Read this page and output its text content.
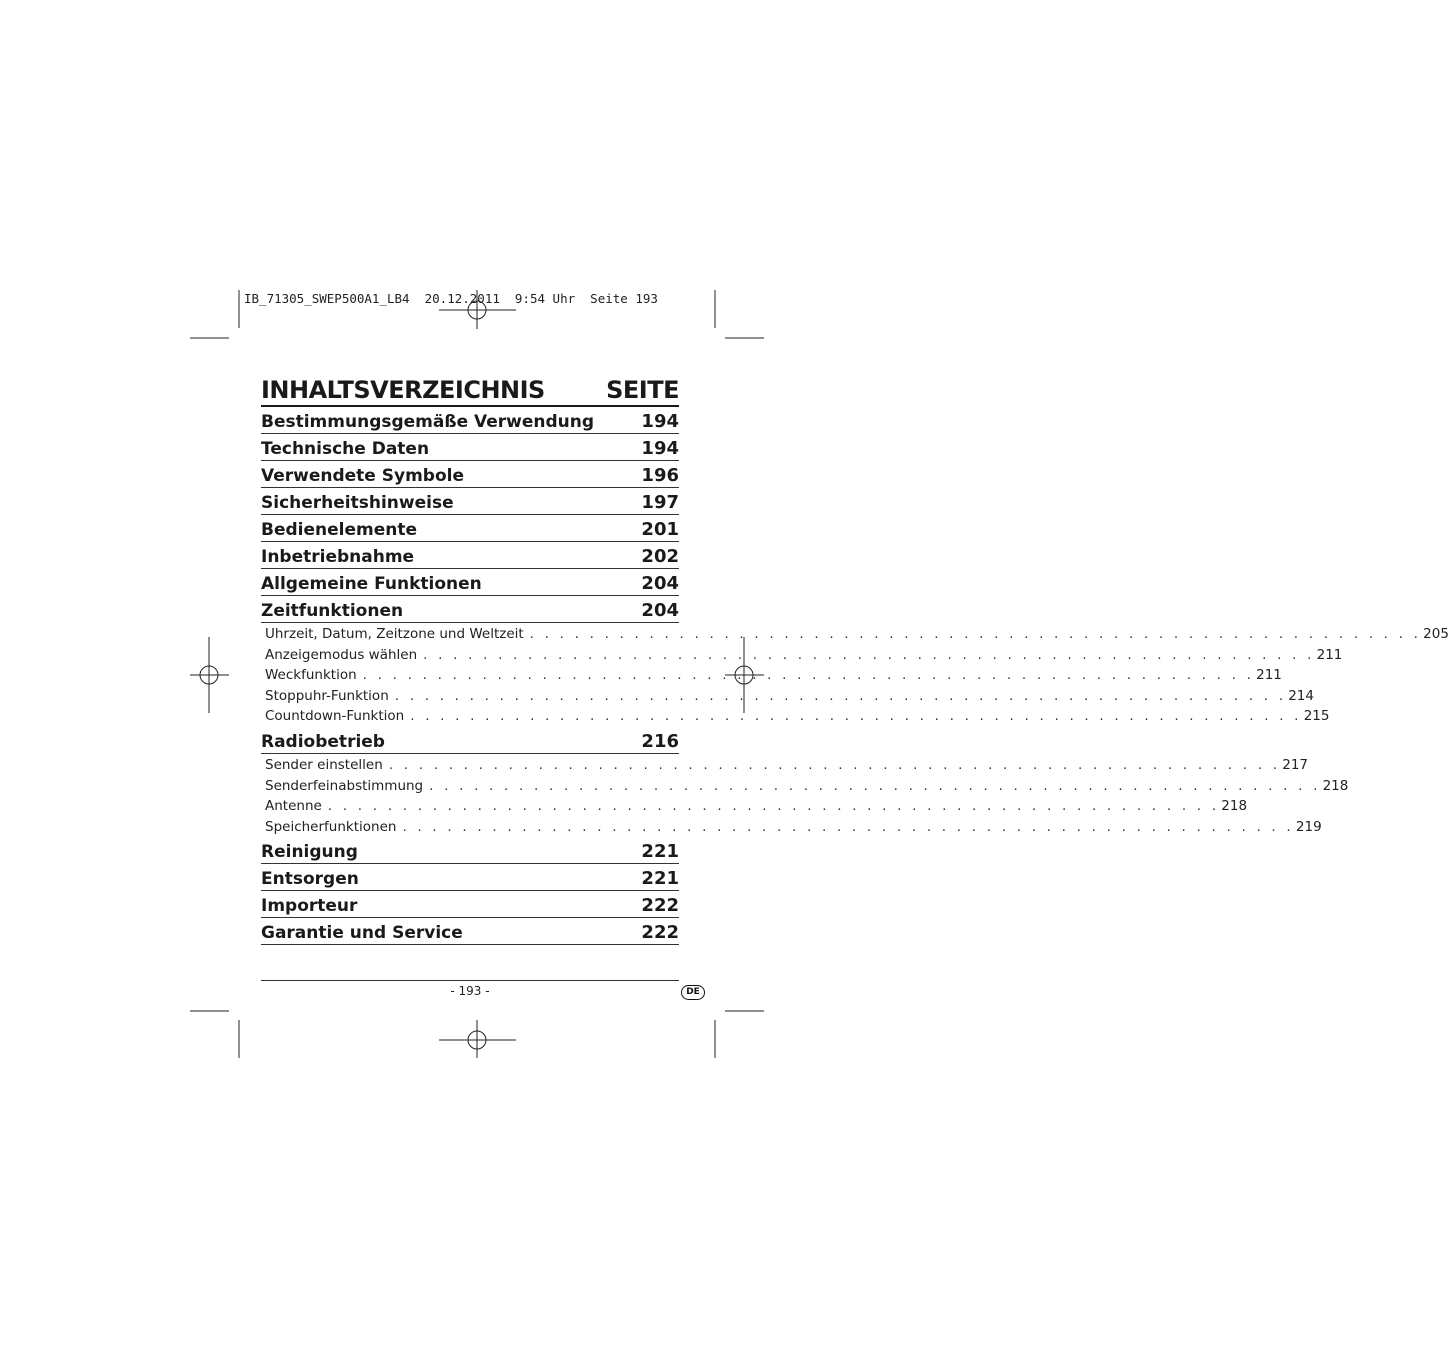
IB_71305_SWEP500A1_LB4  20.12.2011  9:54 Uhr  Seite 193
INHALTSVERZEICHNIS	SEITE
Bestimmungsgemäße Verwendung	194
Technische Daten	194
Verwendete Symbole	196
Sicherheitshinweise	197
Bedienelemente	201
Inbetriebnahme	202
Allgemeine Funktionen	204
Zeitfunktionen	204
Uhrzeit, Datum, Zeitzone und Weltzeit . . . . . . . . . . . . . . . . . . . . . . . . . . . . . . . . . . . . . . . . . . . . . . . . . . . . . . . . . . . . 205
Anzeigemodus wählen . . . . . . . . . . . . . . . . . . . . . . . . . . . . . . . . . . . . . . . . . . . . . . . . . . . . . . . . . . . . 211
Weckfunktion . . . . . . . . . . . . . . . . . . . . . . . . . . . . . . . . . . . . . . . . . . . . . . . . . . . . . . . . . . . . 211
Stoppuhr-Funktion . . . . . . . . . . . . . . . . . . . . . . . . . . . . . . . . . . . . . . . . . . . . . . . . . . . . . . . . . . . . 214
Countdown-Funktion . . . . . . . . . . . . . . . . . . . . . . . . . . . . . . . . . . . . . . . . . . . . . . . . . . . . . . . . . . . . 215
Radiobetrieb	216
Sender einstellen . . . . . . . . . . . . . . . . . . . . . . . . . . . . . . . . . . . . . . . . . . . . . . . . . . . . . . . . . . . . 217
Senderfeinabstimmung . . . . . . . . . . . . . . . . . . . . . . . . . . . . . . . . . . . . . . . . . . . . . . . . . . . . . . . . . . . . 218
Antenne . . . . . . . . . . . . . . . . . . . . . . . . . . . . . . . . . . . . . . . . . . . . . . . . . . . . . . . . . . . . 218
Speicherfunktionen . . . . . . . . . . . . . . . . . . . . . . . . . . . . . . . . . . . . . . . . . . . . . . . . . . . . . . . . . . . . 219
Reinigung	221
Entsorgen	221
Importeur	222
Garantie und Service	222
- 193 -	DE
